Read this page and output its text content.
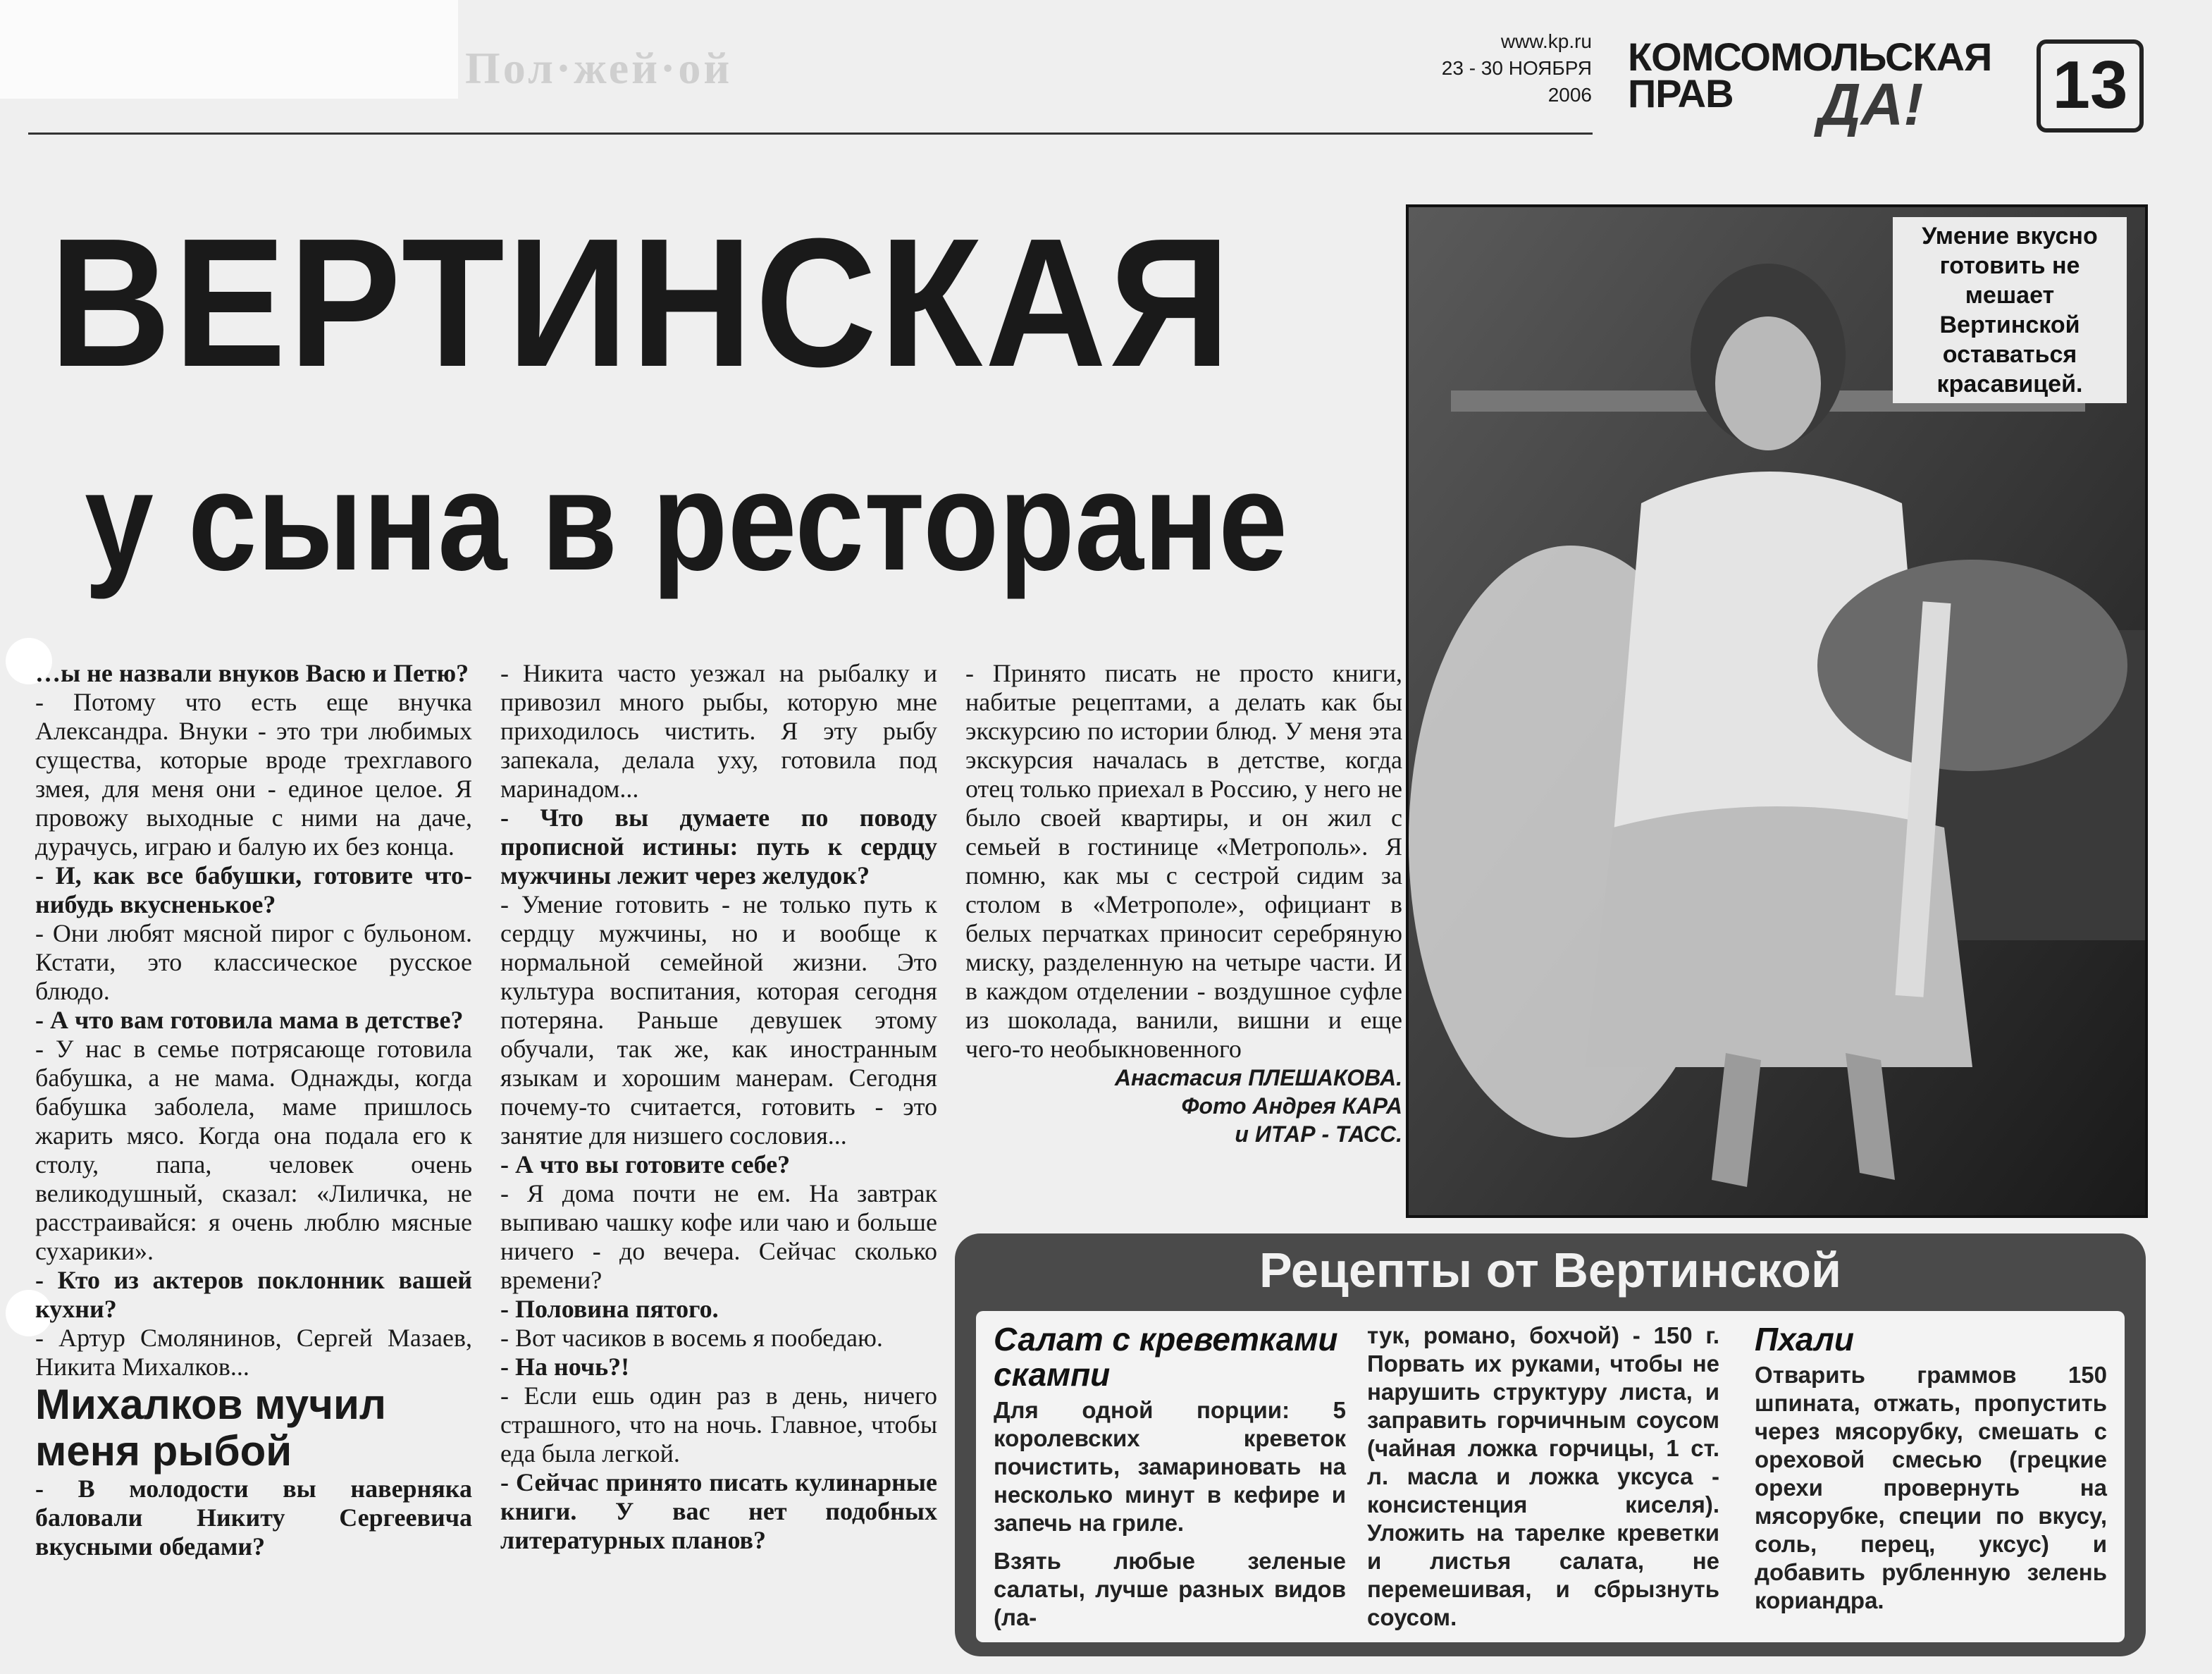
Пол·жей·ой
www.kp.ru
23 - 30 НОЯБРЯ
2006
КОМСОМОЛЬСКАЯ
ПРАВ ДА! 13
ВЕРТИНСКАЯ
у сына в ресторане

…ы не назвали внуков Васю и Петю?

- Потому что есть еще внучка Александра. Внуки - это три любимых существа, которые вроде трехглавого змея, для меня они - единое целое. Я провожу выходные с ними на даче, дурачусь, играю и балую их без конца.

- И, как все бабушки, готовите что-нибудь вкусненькое?

- Они любят мясной пирог с бульоном. Кстати, это классическое русское блюдо.

- А что вам готовила мама в детстве?

- У нас в семье потрясающе готовила бабушка, а не мама. Однажды, когда бабушка заболела, маме пришлось жарить мясо. Когда она подала его к столу, папа, человек очень великодушный, сказал: «Лиличка, не расстраивайся: я очень люблю мясные сухарики».

- Кто из актеров поклонник вашей кухни?

- Артур Смолянинов, Сергей Мазаев, Никита Михалков...

Михалков мучил меня рыбой

- В молодости вы наверняка баловали Никиту Сергеевича вкусными обедами?

- Никита часто уезжал на рыбалку и привозил много рыбы, которую мне приходилось чистить. Я эту рыбу запекала, делала уху, готовила под маринадом...

- Что вы думаете по поводу прописной истины: путь к сердцу мужчины лежит через желудок?

- Умение готовить - не только путь к сердцу мужчины, но и вообще к нормальной семейной жизни. Это культура воспитания, которая сегодня потеряна. Раньше девушек этому обучали, так же, как иностранным языкам и хорошим манерам. Сегодня почему-то считается, готовить - это занятие для низшего сословия...

- А что вы готовите себе?

- Я дома почти не ем. На завтрак выпиваю чашку кофе или чаю и больше ничего - до вечера. Сейчас сколько времени?

- Половина пятого.

- Вот часиков в восемь я пообедаю.

- На ночь?!

- Если ешь один раз в день, ничего страшного, что на ночь. Главное, чтобы еда была легкой.

- Сейчас принято писать кулинарные книги. У вас нет подобных литературных планов?

- Принято писать не просто книги, набитые рецептами, а делать как бы экскурсию по истории блюд. У меня эта экскурсия началась в детстве, когда отец только приехал в Россию, у него не было своей квартиры, и он жил с семьей в гостинице «Метрополь». Я помню, как мы с сестрой сидим за столом в «Метрополе», официант в белых перчатках приносит серебряную миску, разделенную на четыре части. И в каждом отделении - воздушное суфле из шоколада, ванили, вишни и еще чего-то необыкновенного

Анастасия ПЛЕШАКОВА.

Фото Андрея КАРА

и ИТАР - ТАСС.

Умение вкусно готовить не мешает Вертинской оставаться красавицей.
Рецепты от Вертинской
Салат с креветками скампи

Для одной порции: 5 королевских креветок почистить, замариновать на несколько минут в кефире и запечь на гриле.

Взять любые зеленые салаты, лучше разных видов (ла-

тук, романо, бохчой) - 150 г. Порвать их руками, чтобы не нарушить структуру листа, и заправить горчичным соусом (чайная ложка горчицы, 1 ст. л. масла и ложка уксуса - консистенция киселя). Уложить на тарелке креветки и листья салата, не перемешивая, и сбрызнуть соусом.

Пхали

Отварить граммов 150 шпината, отжать, пропустить через мясорубку, смешать с ореховой смесью (грецкие орехи провернуть на мясорубке, специи по вкусу, соль, перец, уксус) и добавить рубленную зелень кориандра.
